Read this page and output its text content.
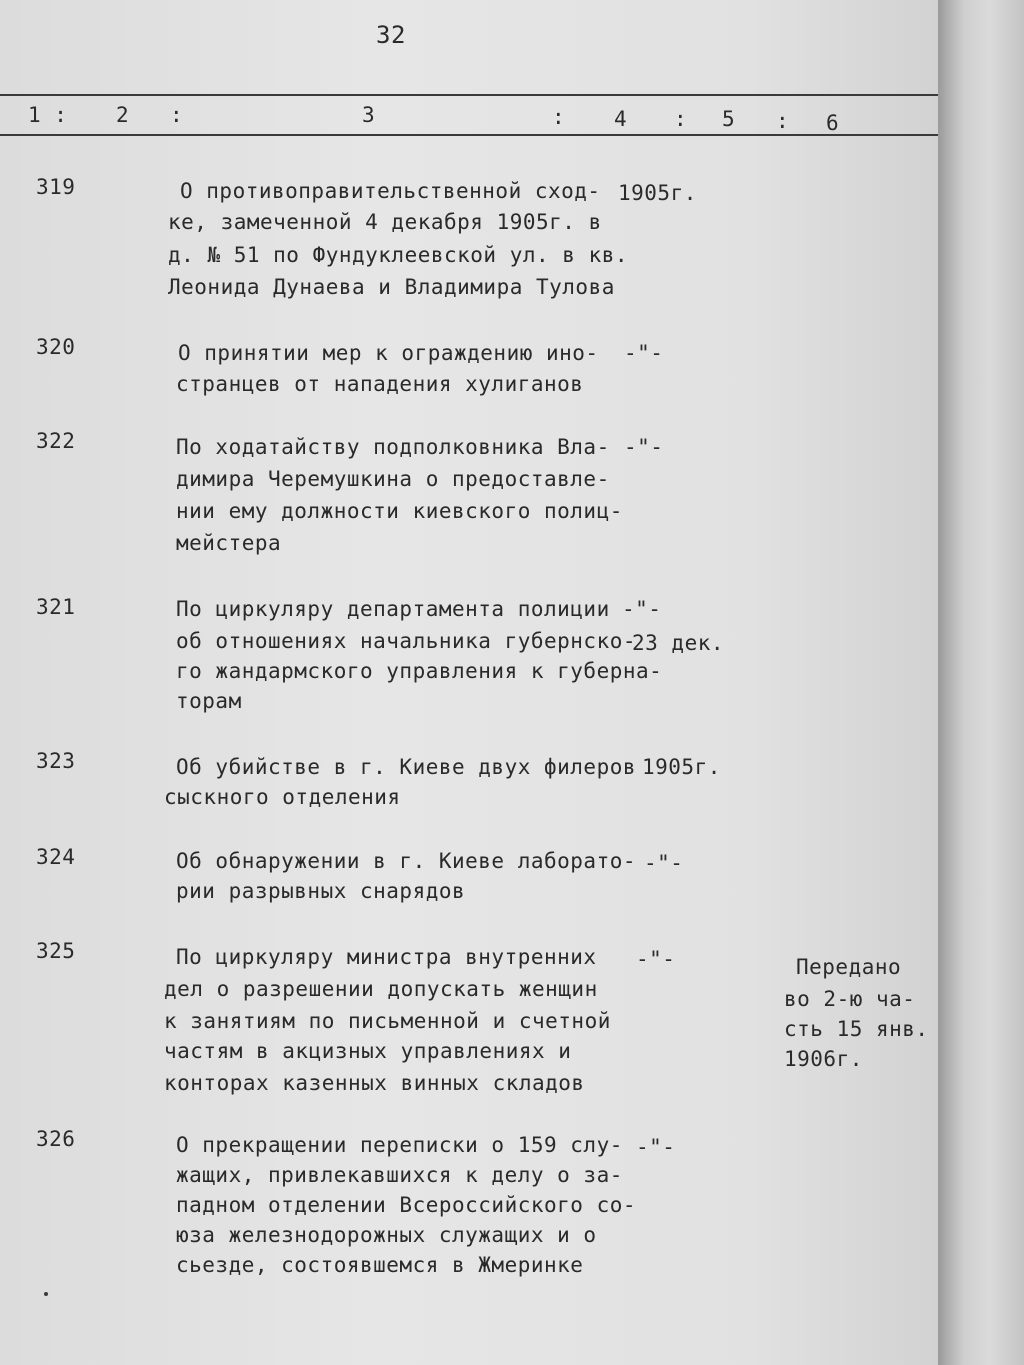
32
1 : 2 :	3	: 4 : 5 : 6
319	О противоправительственной сход-
ке, замеченной 4 декабря 1905г. в
д. № 51 по Фундуклеевской ул. в кв.
Леонида Дунаева и Владимира Тулова
1905г.
320	О принятии мер к ограждению ино-
странцев от нападения хулиганов
-"-
322	По ходатайству подполковника Вла-
димира Черемушкина о предоставле-
нии ему должности киевского полиц-
мейстера
-"-
321	По циркуляру департамента полиции
об отношениях начальника губернско-
го жандармского управления к губерна-
торам
-"-
23 дек.
323	Об убийстве в г. Киеве двух филеров
сыскного отделения
1905г.
324	Об обнаружении в г. Киеве лаборато-
рии разрывных снарядов
-"-
325	По циркуляру министра внутренних
дел о разрешении допускать женщин
к занятиям по письменной и счетной
частям в акцизных управлениях и
конторах казенных винных складов
-"-	Передано
во 2-ю ча-
сть 15 янв.
1906г.
326	О прекращении переписки о 159 слу-
жащих, привлекавшихся к делу о за-
падном отделении Всероссийского со-
юза железнодорожных служащих и о
сьезде, состоявшемся в Жмеринке
-"-
